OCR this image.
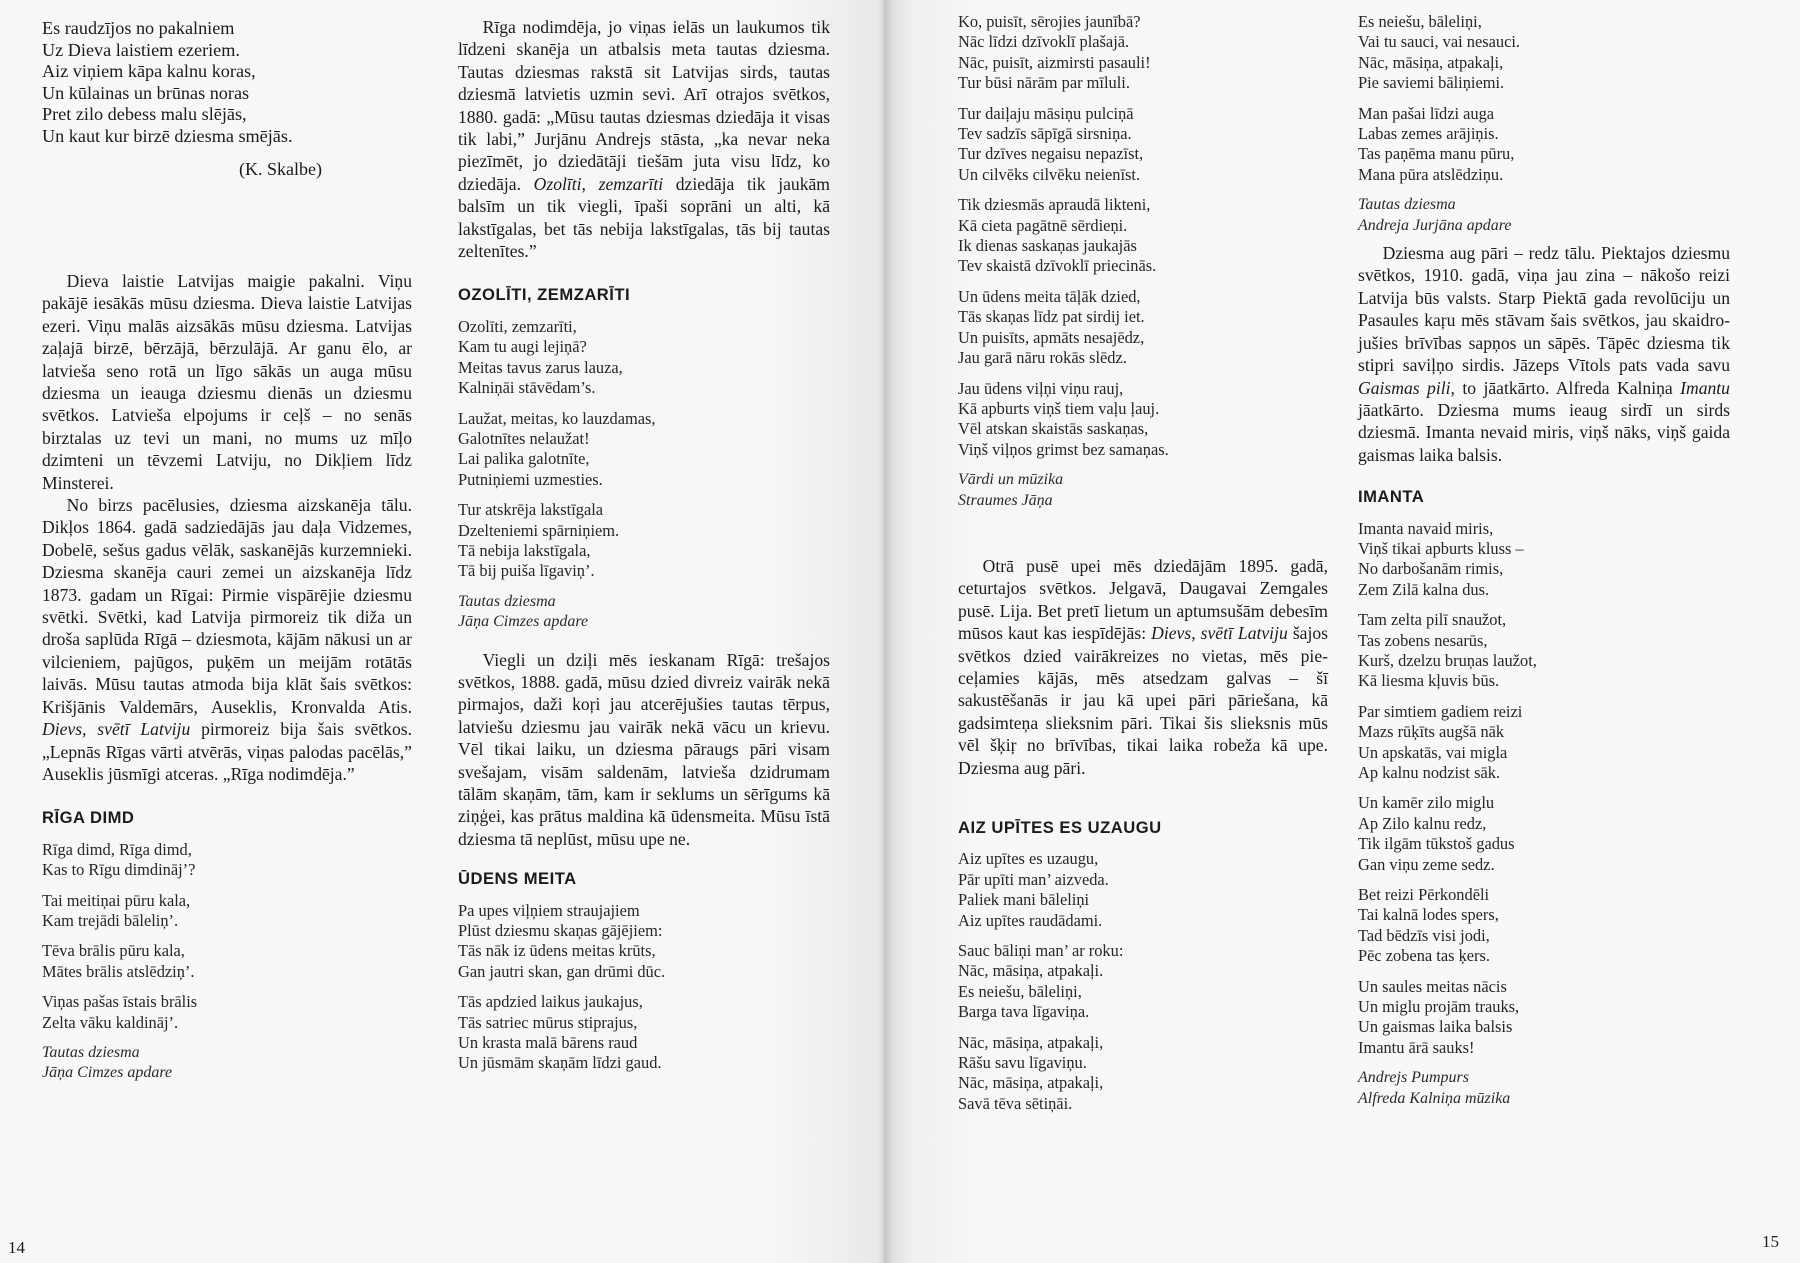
Es raudzījos no pakalniem
Uz Dieva laistiem ezeriem.
Aiz viņiem kāpa kalnu koras,
Un kūlainas un brūnas noras
Pret zilo debess malu slējās,
Un kaut kur birzē dziesma smējās.
(K. Skalbe)

Dieva laistie Latvijas maigie pakalni. Viņu pakājē iesākās mūsu dziesma. Dieva laistie Latvijas ezeri. Viņu malās aizsākās mūsu dziesma. Latvijas zaļajā birzē, bērzājā, bērzulājā. Ar ganu ēlo, ar latvieša seno rotā un līgo sākās un auga mūsu dziesma un ieauga dziesmu dienās un dziesmu svētkos. Latvieša elpojums ir ceļš – no senās birztalas uz tevi un mani, no mums uz mīļo dzimteni un tēvzemi Latviju, no Dikļiem līdz Minsterei.

No birzs pacēlusies, dziesma aizskanēja tālu. Dikļos 1864. gadā sadziedājās jau daļa Vidzemes, Dobelē, sešus gadus vēlāk, saskanējās kurzemnieki. Dziesma skanēja cauri zemei un aizskanēja līdz 1873. gadam un Rīgai: Pirmie vispārējie dziesmu svētki. Svētki, kad Latvija pirmoreiz tik diža un droša saplūda Rīgā – dziesmota, kājām nākusi un ar vilcieniem, pajūgos, puķēm un meijām rotātās laivās. Mūsu tautas atmoda bija klāt šais svētkos: Krišjānis Valdemārs, Auseklis, Kronvalda Atis. Dievs, svētī Latviju pirmoreiz bija šais svētkos. „Lepnās Rīgas vārti atvērās, viņas palodas pacēlās,” Auseklis jūsmīgi atceras. „Rīga nodimdēja.”

RĪGA DIMD
Rīga dimd, Rīga dimd,
Kas to Rīgu dimdināj’?
Tai meitiņai pūru kala,
Kam trejādi bāleliņ’.
Tēva brālis pūru kala,
Mātes brālis atslēdziņ’.
Viņas pašas īstais brālis
Zelta vāku kaldināj’.
Tautas dziesma
Jāņa Cimzes apdare

Rīga nodimdēja, jo viņas ielās un laukumos tik līdzeni skanēja un atbalsis meta tautas dziesma. Tautas dziesmas rakstā sit Latvijas sirds, tautas dziesmā latvietis uzmin sevi. Arī otrajos svētkos, 1880. gadā: „Mūsu tautas dziesmas dziedāja it visas tik labi,” Jurjānu Andrejs stāsta, „ka nevar neka piezīmēt, jo dziedātāji tiešām juta visu līdz, ko dziedāja. Ozolīti, zemzarīti dziedāja tik jaukām balsīm un tik viegli, īpaši soprāni un alti, kā lakstīgalas, bet tās nebija lakstīgalas, tās bij tautas zeltenītes.”

OZOLĪTI, ZEMZARĪTI
Ozolīti, zemzarīti,
Kam tu augi lejiņā?
Meitas tavus zarus lauza,
Kalniņāi stāvēdam’s.
Laužat, meitas, ko lauzdamas,
Galotnītes nelaužat!
Lai palika galotnīte,
Putniņiemi uzmesties.
Tur atskrēja lakstīgala
Dzelteniemi spārniņiem.
Tā nebija lakstīgala,
Tā bij puiša līgaviņ’.
Tautas dziesma
Jāņa Cimzes apdare

Viegli un dziļi mēs ieskanam Rīgā: trešajos svētkos, 1888. gadā, mūsu dzied divreiz vairāk nekā pirmajos, daži koŗi jau atcerējušies tautas tērpus, latviešu dziesmu jau vairāk nekā vācu un krievu. Vēl tikai laiku, un dziesma pāraugs pāri visam svešajam, visām saldenām, latvieša dzidrumam tālām skaņām, tām, kam ir seklums un sērīgums kā ziņģei, kas prātus maldina kā ūdensmeita. Mūsu īstā dziesma tā neplūst, mūsu upe ne.

ŪDENS MEITA
Pa upes viļņiem straujajiem
Plūst dziesmu skaņas gājējiem:
Tās nāk iz ūdens meitas krūts,
Gan jautri skan, gan drūmi dūc.
Tās apdzied laikus jaukajus,
Tās satriec mūrus stiprajus,
Un krasta malā bārens raud
Un jūsmām skaņām līdzi gaud.
Ko, puisīt, sērojies jaunībā?
Nāc līdzi dzīvoklī plašajā.
Nāc, puisīt, aizmirsti pasauli!
Tur būsi nārām par mīluli.
Tur daiļaju māsiņu pulciņā
Tev sadzīs sāpīgā sirsniņa.
Tur dzīves negaisu nepazīst,
Un cilvēks cilvēku neienīst.
Tik dziesmās apraudā likteni,
Kā cieta pagātnē sērdieņi.
Ik dienas saskaņas jaukajās
Tev skaistā dzīvoklī priecinās.
Un ūdens meita tāļāk dzied,
Tās skaņas līdz pat sirdij iet.
Un puisīts, apmāts nesajēdz,
Jau garā nāru rokās slēdz.
Jau ūdens viļņi viņu rauj,
Kā apburts viņš tiem vaļu ļauj.
Vēl atskan skaistās saskaņas,
Viņš viļņos grimst bez samaņas.
Vārdi un mūzika
Straumes Jāņa

Otrā pusē upei mēs dziedājām 1895. gadā, ceturtajos svētkos. Jelgavā, Daugavai Zemgales pusē. Lija. Bet pretī lietum un aptumsušām debesīm mūsos kaut kas iespīdējās: Dievs, svētī Latviju šajos svētkos dzied vairākreizes no vietas, mēs pieceļamies kājās, mēs atsedzam galvas – šī sakustēšanās ir jau kā upei pāri pāriešana, kā gadsimteņa slieksnim pāri. Tikai šis slieksnis mūs vēl šķiŗ no brīvības, tikai laika robeža kā upe. Dziesma aug pāri.

AIZ UPĪTES ES UZAUGU
Aiz upītes es uzaugu,
Pār upīti man’ aizveda.
Paliek mani bāleliņi
Aiz upītes raudādami.
Sauc bāliņi man’ ar roku:
Nāc, māsiņa, atpakaļi.
Es neiešu, bāleliņi,
Barga tava līgaviņa.
Nāc, māsiņa, atpakaļi,
Rāšu savu līgaviņu.
Nāc, māsiņa, atpakaļi,
Savā tēva sētiņāi.
Es neiešu, bāleliņi,
Vai tu sauci, vai nesauci.
Nāc, māsiņa, atpakaļi,
Pie saviemi bāliņiemi.
Man pašai līdzi auga
Labas zemes arājiņis.
Tas paņēma manu pūru,
Mana pūra atslēdziņu.
Tautas dziesma
Andreja Jurjāna apdare

Dziesma aug pāri – redz tālu. Piektajos dziesmu svētkos, 1910. gadā, viņa jau zina – nākošo reizi Latvija būs valsts. Starp Piektā gada revolūciju un Pasaules kaŗu mēs stāvam šais svētkos, jau skaidrojušies brīvības sapņos un sāpēs. Tāpēc dziesma tik stipri saviļņo sirdis. Jāzeps Vītols pats vada savu Gaismas pili, to jāatkārto. Alfreda Kalniņa Imantu jāatkārto. Dziesma mums ieaug sirdī un sirds dziesmā. Imanta nevaid miris, viņš nāks, viņš gaida gaismas laika balsis.

IMANTA
Imanta navaid miris,
Viņš tikai apburts kluss –
No darbošanām rimis,
Zem Zilā kalna dus.
Tam zelta pilī snaužot,
Tas zobens nesarūs,
Kurš, dzelzu bruņas laužot,
Kā liesma kļuvis būs.
Par simtiem gadiem reizi
Mazs rūķīts augšā nāk
Un apskatās, vai migla
Ap kalnu nodzist sāk.
Un kamēr zilo miglu
Ap Zilo kalnu redz,
Tik ilgām tūkstoš gadus
Gan viņu zeme sedz.
Bet reizi Pērkondēli
Tai kalnā lodes spers,
Tad bēdzīs visi jodi,
Pēc zobena tas ķers.
Un saules meitas nācis
Un miglu projām trauks,
Un gaismas laika balsis
Imantu ārā sauks!
Andrejs Pumpurs
Alfreda Kalniņa mūzika
14	15
